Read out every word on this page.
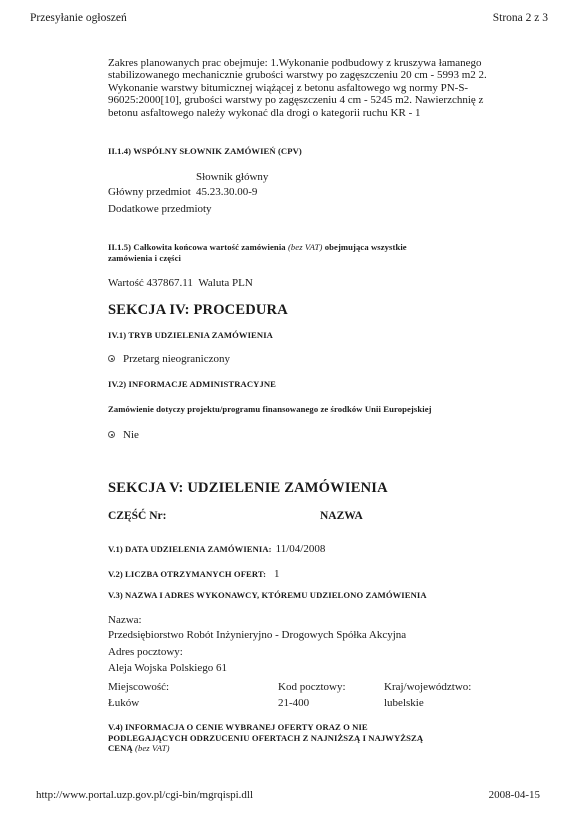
Przesyłanie ogłoszeń	Strona 2 z 3
Zakres planowanych prac obejmuje: 1.Wykonanie podbudowy z kruszywa łamanego stabilizowanego mechanicznie grubości warstwy po zagęszczeniu 20 cm - 5993 m2 2. Wykonanie warstwy bitumicznej wiążącej z betonu asfaltowego wg normy PN-S-96025:2000[10], grubości warstwy po zagęszczeniu 4 cm - 5245 m2. Nawierzchnię z betonu asfaltowego należy wykonać dla drogi o kategorii ruchu KR - 1
II.1.4) WSPÓLNY SŁOWNIK ZAMÓWIEŃ (CPV)
Słownik główny
Główny przedmiot 45.23.30.00-9
Dodatkowe przedmioty
II.1.5) Całkowita końcowa wartość zamówienia (bez VAT) obejmująca wszystkie
zamówienia i części
Wartość 437867.11 Waluta PLN
SEKCJA IV: PROCEDURA
IV.1) TRYB UDZIELENIA ZAMÓWIENIA
Przetarg nieograniczony
IV.2) INFORMACJE ADMINISTRACYJNE
Zamówienie dotyczy projektu/programu finansowanego ze środków Unii Europejskiej
Nie
SEKCJA V: UDZIELENIE ZAMÓWIENIA
CZĘŚĆ Nr:	NAZWA
V.1) DATA UDZIELENIA ZAMÓWIENIA: 11/04/2008
V.2) LICZBA OTRZYMANYCH OFERT: 1
V.3) NAZWA I ADRES WYKONAWCY, KTÓREMU UDZIELONO ZAMÓWIENIA
Nazwa:
Przedsiębiorstwo Robót Inżynieryjno - Drogowych Spółka Akcyjna
Adres pocztowy:
Aleja Wojska Polskiego 61
Miejscowość:	Kod pocztowy:	Kraj/województwo:
Łuków	21-400	lubelskie
V.4) INFORMACJA O CENIE WYBRANEJ OFERTY ORAZ O NIE
PODLEGAJĄCYCH ODRZUCENIU OFERTACH Z NAJNIŻSZĄ I NAJWYŻSZĄ
CENĄ (bez VAT)
http://www.portal.uzp.gov.pl/cgi-bin/mgrqispi.dll	2008-04-15
